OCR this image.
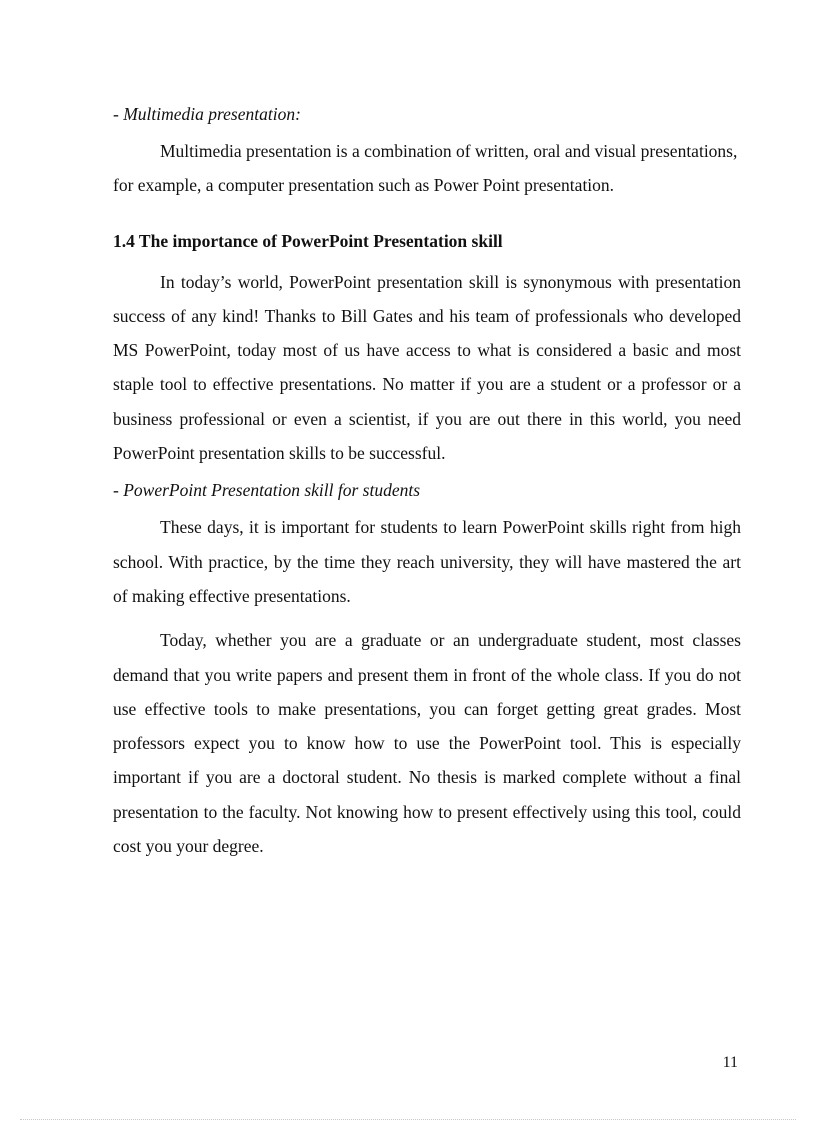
- Multimedia presentation:

Multimedia presentation is a combination of written, oral and visual presentations, for example, a computer presentation such as Power Point presentation.

1.4 The importance of PowerPoint Presentation skill

In today’s world, PowerPoint presentation skill is synonymous with presentation success of any kind! Thanks to Bill Gates and his team of professionals who developed MS PowerPoint, today most of us have access to what is considered a basic and most staple tool to effective presentations. No matter if you are a student or a professor or a business professional or even a scientist, if you are out there in this world, you need PowerPoint presentation skills to be successful.

- PowerPoint Presentation skill for students

These days, it is important for students to learn PowerPoint skills right from high school. With practice, by the time they reach university, they will have mastered the art of making effective presentations.

Today, whether you are a graduate or an undergraduate student, most classes demand that you write papers and present them in front of the whole class. If you do not use effective tools to make presentations, you can forget getting great grades. Most professors expect you to know how to use the PowerPoint tool. This is especially important if you are a doctoral student. No thesis is marked complete without a final presentation to the faculty. Not knowing how to present effectively using this tool, could cost you your degree.

11
